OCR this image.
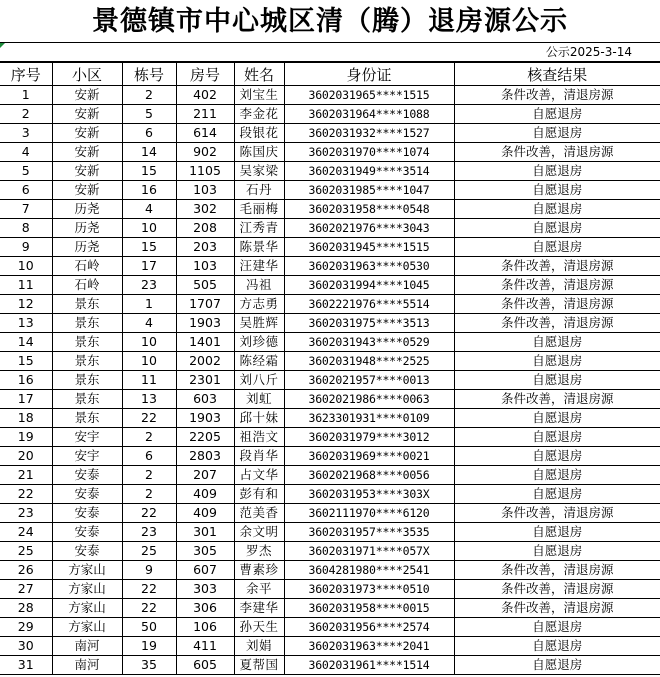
景德镇市中心城区清（腾）退房源公示
公示2025-3-14
序号	小区	栋号	房号	姓名	身份证	核查结果
1	安新	2	402	刘宝生	3602031965****1515	条件改善，清退房源
2	安新	5	211	李金花	3602031964****1088	自愿退房
3	安新	6	614	段银花	3602031932****1527	自愿退房
4	安新	14	902	陈国庆	3602031970****1074	条件改善，清退房源
5	安新	15	1105	吴家梁	3602031949****3514	自愿退房
6	安新	16	103	石丹	3602031985****1047	自愿退房
7	历尧	4	302	毛丽梅	3602031958****0548	自愿退房
8	历尧	10	208	江秀青	3602021976****3043	自愿退房
9	历尧	15	203	陈景华	3602031945****1515	自愿退房
10	石岭	17	103	汪建华	3602031963****0530	条件改善，清退房源
11	石岭	23	505	冯祖	3602031994****1045	条件改善，清退房源
12	景东	1	1707	方志勇	3602221976****5514	条件改善，清退房源
13	景东	4	1903	吴胜辉	3602031975****3513	条件改善，清退房源
14	景东	10	1401	刘珍德	3602031943****0529	自愿退房
15	景东	10	2002	陈经霜	3602031948****2525	自愿退房
16	景东	11	2301	刘八斤	3602021957****0013	自愿退房
17	景东	13	603	刘虹	3602021986****0063	条件改善，清退房源
18	景东	22	1903	邱十妹	3623301931****0109	自愿退房
19	安宇	2	2205	祖浩文	3602031979****3012	自愿退房
20	安宇	6	2803	段肖华	3602031969****0021	自愿退房
21	安泰	2	207	占文华	3602021968****0056	自愿退房
22	安泰	2	409	彭有和	3602031953****303X	自愿退房
23	安泰	22	409	范美香	3602111970****6120	条件改善，清退房源
24	安泰	23	301	余文明	3602031957****3535	自愿退房
25	安泰	25	305	罗杰	3602031971****057X	自愿退房
26	方家山	9	607	曹素珍	3604281980****2541	条件改善，清退房源
27	方家山	22	303	余平	3602031973****0510	条件改善，清退房源
28	方家山	22	306	李建华	3602031958****0015	条件改善，清退房源
29	方家山	50	106	孙天生	3602031956****2574	自愿退房
30	南河	19	411	刘娟	3602031963****2041	自愿退房
31	南河	35	605	夏帮国	3602031961****1514	自愿退房
